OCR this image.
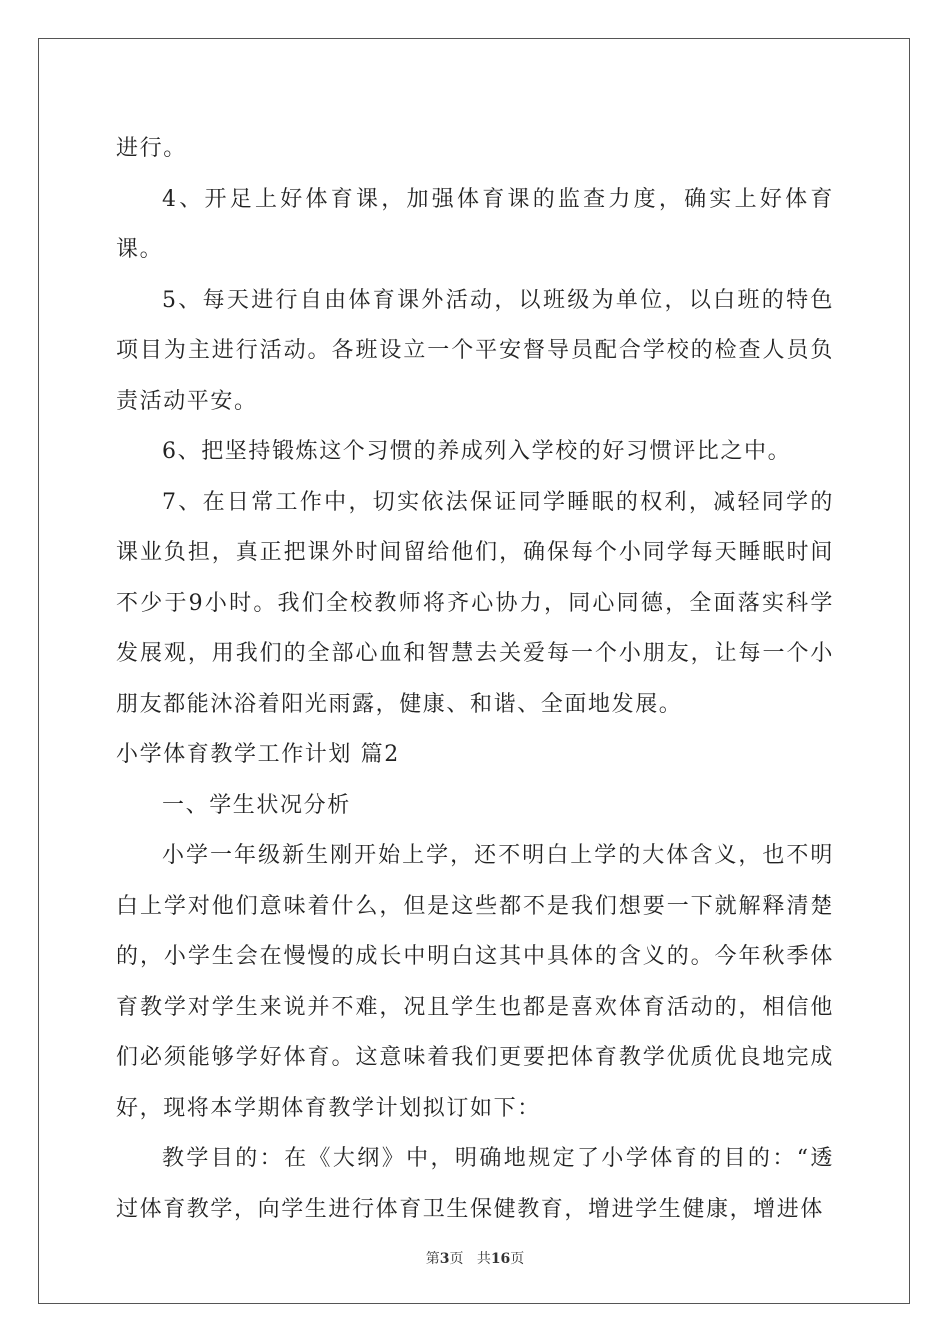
进行。

4、开足上好体育课，加强体育课的监查力度，确实上好体育课。

5、每天进行自由体育课外活动，以班级为单位，以白班的特色项目为主进行活动。各班设立一个平安督导员配合学校的检查人员负责活动平安。

6、把坚持锻炼这个习惯的养成列入学校的好习惯评比之中。

7、在日常工作中，切实依法保证同学睡眠的权利，减轻同学的课业负担，真正把课外时间留给他们，确保每个小同学每天睡眠时间不少于9小时。我们全校教师将齐心协力，同心同德，全面落实科学发展观，用我们的全部心血和智慧去关爱每一个小朋友，让每一个小朋友都能沐浴着阳光雨露，健康、和谐、全面地发展。

小学体育教学工作计划 篇2

一、学生状况分析

小学一年级新生刚开始上学，还不明白上学的大体含义，也不明白上学对他们意味着什么，但是这些都不是我们想要一下就解释清楚的，小学生会在慢慢的成长中明白这其中具体的含义的。今年秋季体育教学对学生来说并不难，况且学生也都是喜欢体育活动的，相信他们必须能够学好体育。这意味着我们更要把体育教学优质优良地完成好，现将本学期体育教学计划拟订如下：

教学目的：在《大纲》中，明确地规定了小学体育的目的：“透过体育教学，向学生进行体育卫生保健教育，增进学生健康，增进体

第3页 共16页
